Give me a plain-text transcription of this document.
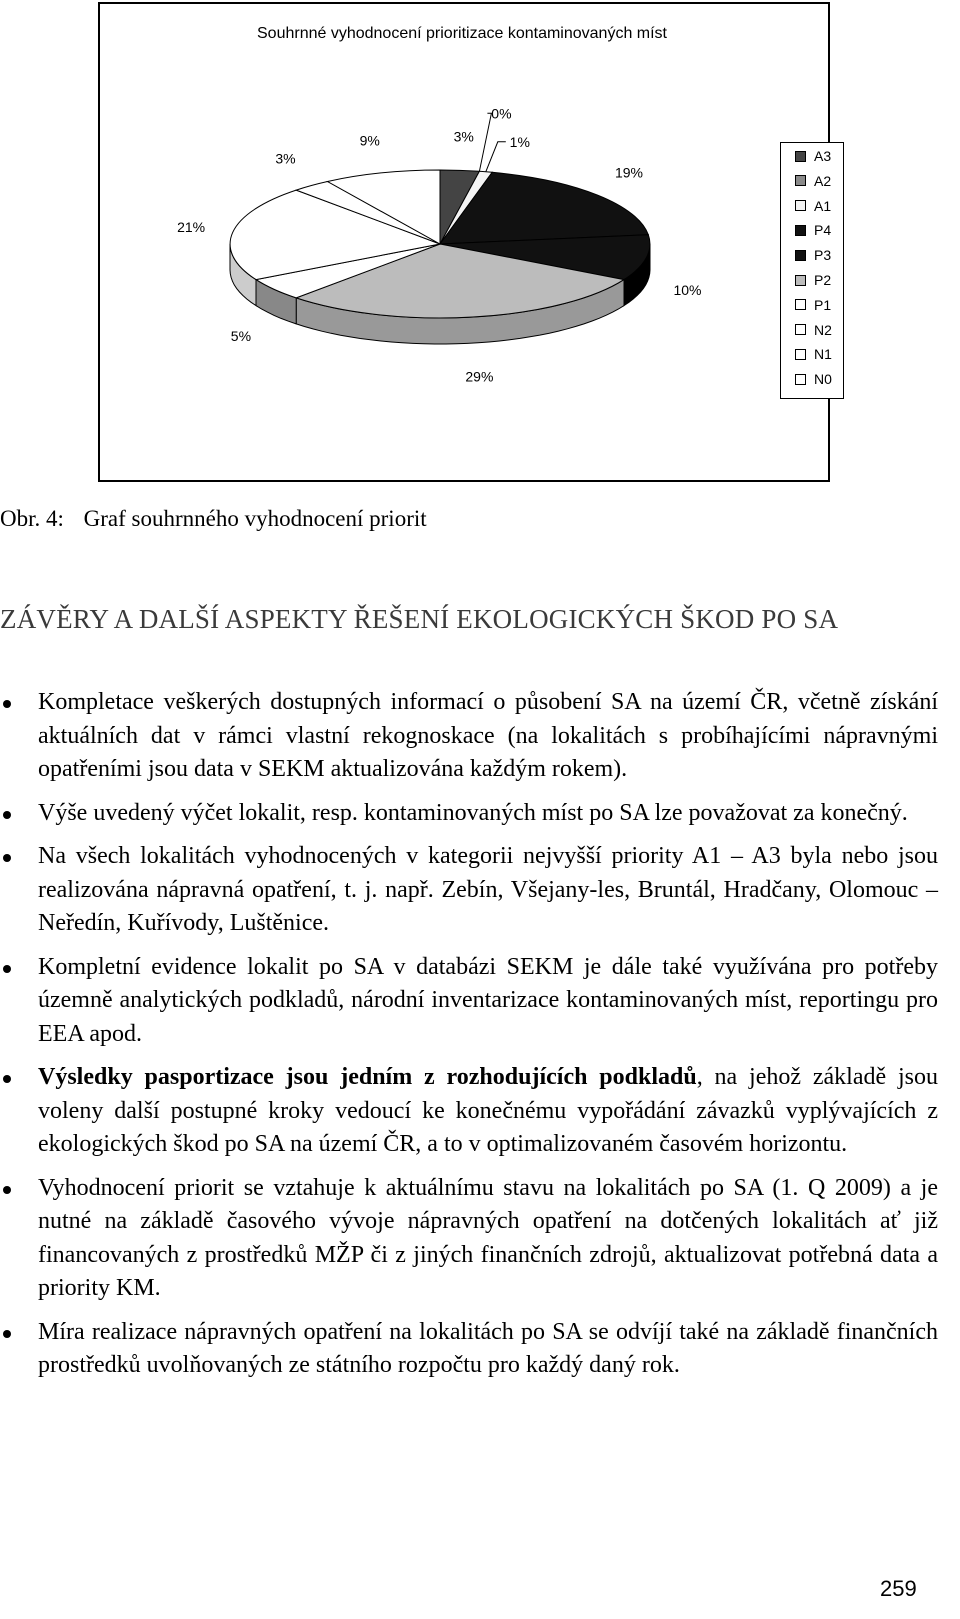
Souhrnné vyhodnocení prioritizace kontaminovaných míst
3%
0%
1%
19%
10%
29%
5%
21%
3%
9%
A3
A2
A1
P4
P3
P2
P1
N2
N1
N0
Obr. 4: Graf souhrnného vyhodnocení priorit
ZÁVĚRY A DALŠÍ ASPEKTY ŘEŠENÍ EKOLOGICKÝCH ŠKOD PO SA
Kompletace veškerých dostupných informací o působení SA na území ČR, včetně získání aktuálních dat v rámci vlastní rekognoskace (na lokalitách s probíhajícími nápravnými opatřeními jsou data v SEKM aktualizována každým rokem).
Výše uvedený výčet lokalit, resp. kontaminovaných míst po SA lze považovat za konečný.
Na všech lokalitách vyhodnocených v kategorii nejvyšší priority A1 – A3 byla nebo jsou realizována nápravná opatření, t. j. např. Zebín, Všejany-les, Bruntál, Hradčany, Olomouc – Neředín, Kuřívody, Luštěnice.
Kompletní evidence lokalit po SA v databázi SEKM je dále také využívána pro potřeby územně analytických podkladů, národní inventarizace kontaminovaných míst, reportingu pro EEA apod.
Výsledky pasportizace jsou jedním z rozhodujících podkladů, na jehož základě jsou voleny další postupné kroky vedoucí ke konečnému vypořádání závazků vyplývajících z ekologických škod po SA na území ČR, a to v optimalizovaném časovém horizontu.
Vyhodnocení priorit se vztahuje k aktuálnímu stavu na lokalitách po SA (1. Q 2009) a je nutné na základě časového vývoje nápravných opatření na dotčených lokalitách ať již financovaných z prostředků MŽP či z jiných finančních zdrojů, aktualizovat potřebná data a priority KM.
Míra realizace nápravných opatření na lokalitách po SA se odvíjí také na základě finančních prostředků uvolňovaných ze státního rozpočtu pro každý daný rok.
259
